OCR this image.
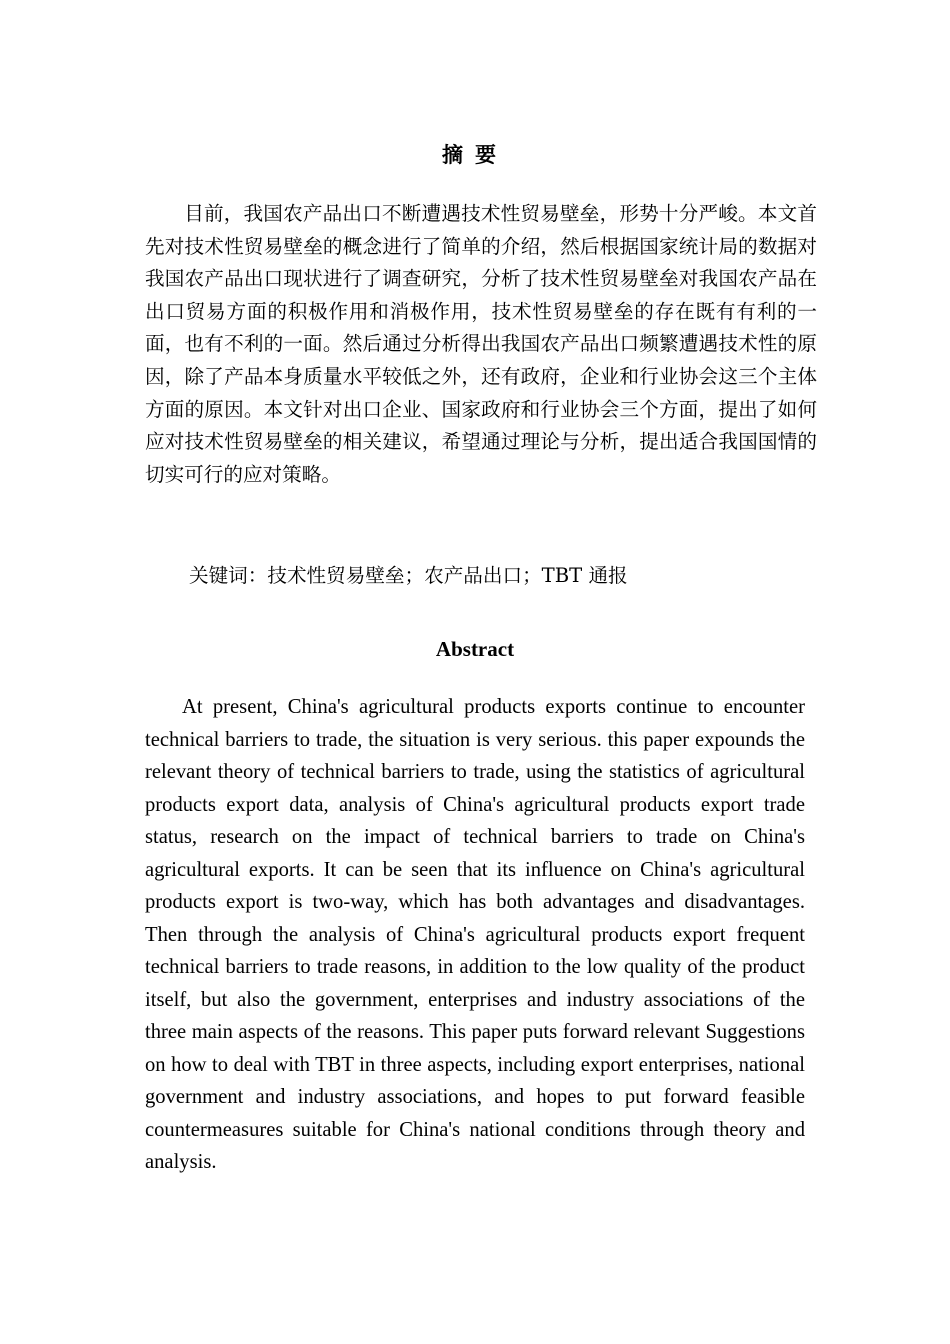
摘要

目前，我国农产品出口不断遭遇技术性贸易壁垒，形势十分严峻。本文首先对技术性贸易壁垒的概念进行了简单的介绍，然后根据国家统计局的数据对我国农产品出口现状进行了调查研究，分析了技术性贸易壁垒对我国农产品在出口贸易方面的积极作用和消极作用，技术性贸易壁垒的存在既有有利的一面，也有不利的一面。然后通过分析得出我国农产品出口频繁遭遇技术性的原因，除了产品本身质量水平较低之外，还有政府，企业和行业协会这三个主体方面的原因。本文针对出口企业、国家政府和行业协会三个方面，提出了如何应对技术性贸易壁垒的相关建议，希望通过理论与分析，提出适合我国国情的切实可行的应对策略。

关键词：技术性贸易壁垒；农产品出口；TBT 通报
Abstract

At present, China's agricultural products exports continue to encounter technical barriers to trade, the situation is very serious. this paper expounds the relevant theory of technical barriers to trade, using the statistics of agricultural products export data, analysis of China's agricultural products export trade status, research on the impact of technical barriers to trade on China's agricultural exports. It can be seen that its influence on China's agricultural products export is two-way, which has both advantages and disadvantages. Then through the analysis of China's agricultural products export frequent technical barriers to trade reasons, in addition to the low quality of the product itself, but also the government, enterprises and industry associations of the three main aspects of the reasons. This paper puts forward relevant Suggestions on how to deal with TBT in three aspects, including export enterprises, national government and industry associations, and hopes to put forward feasible countermeasures suitable for China's national conditions through theory and analysis.
